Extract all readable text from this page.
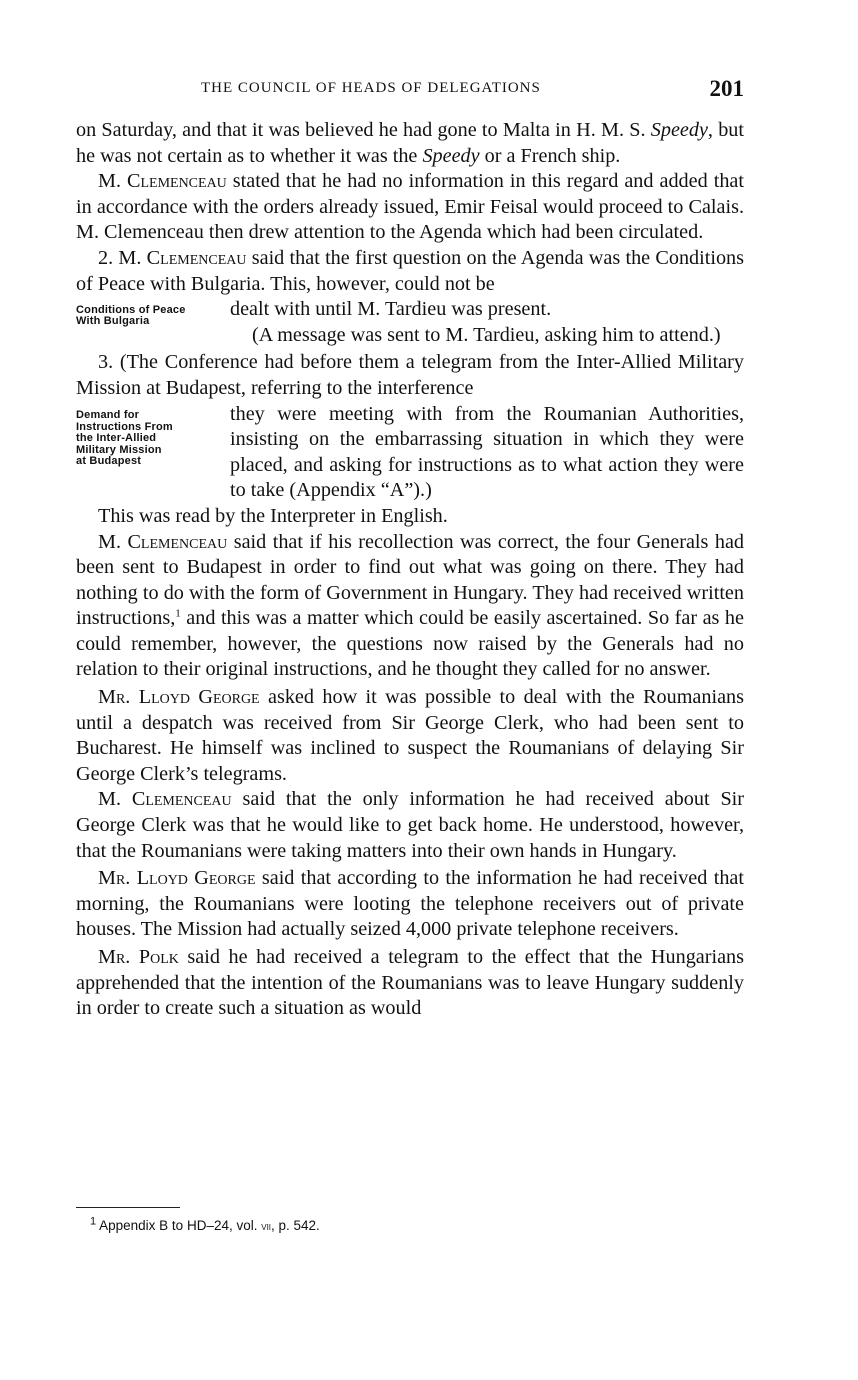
THE COUNCIL OF HEADS OF DELEGATIONS	201

on Saturday, and that it was believed he had gone to Malta in H. M. S. Speedy, but he was not certain as to whether it was the Speedy or a French ship.

M. Clemenceau stated that he had no information in this regard and added that in accordance with the orders already issued, Emir Feisal would proceed to Calais. M. Clemenceau then drew attention to the Agenda which had been circulated.

2. M. Clemenceau said that the first question on the Agenda was the Conditions of Peace with Bulgaria. This, however, could not be

dealt with until M. Tardieu was present.

Conditions of Peace
With Bulgaria

(A message was sent to M. Tardieu, asking him to attend.)

3. (The Conference had before them a telegram from the Inter-Allied Military Mission at Budapest, referring to the interference

Demand for
Instructions From
the Inter-Allied
Military Mission
at Budapest

they were meeting with from the Roumanian Authorities, insisting on the embarrassing situation in which they were placed, and asking for instructions as to what action they were to take (Appendix “A”).)

This was read by the Interpreter in English.

M. Clemenceau said that if his recollection was correct, the four Generals had been sent to Budapest in order to find out what was going on there. They had nothing to do with the form of Government in Hungary. They had received written instructions,$^1$ and this was a matter which could be easily ascertained. So far as he could remember, however, the questions now raised by the Generals had no relation to their original instructions, and he thought they called for no answer.

Mr. Lloyd George asked how it was possible to deal with the Roumanians until a despatch was received from Sir George Clerk, who had been sent to Bucharest. He himself was inclined to suspect the Roumanians of delaying Sir George Clerk’s telegrams.

M. Clemenceau said that the only information he had received about Sir George Clerk was that he would like to get back home. He understood, however, that the Roumanians were taking matters into their own hands in Hungary.

Mr. Lloyd George said that according to the information he had received that morning, the Roumanians were looting the telephone receivers out of private houses. The Mission had actually seized 4,000 private telephone receivers.

Mr. Polk said he had received a telegram to the effect that the Hungarians apprehended that the intention of the Roumanians was to leave Hungary suddenly in order to create such a situation as would

$^1$ Appendix B to HD–24, vol. vii, p. 542.
